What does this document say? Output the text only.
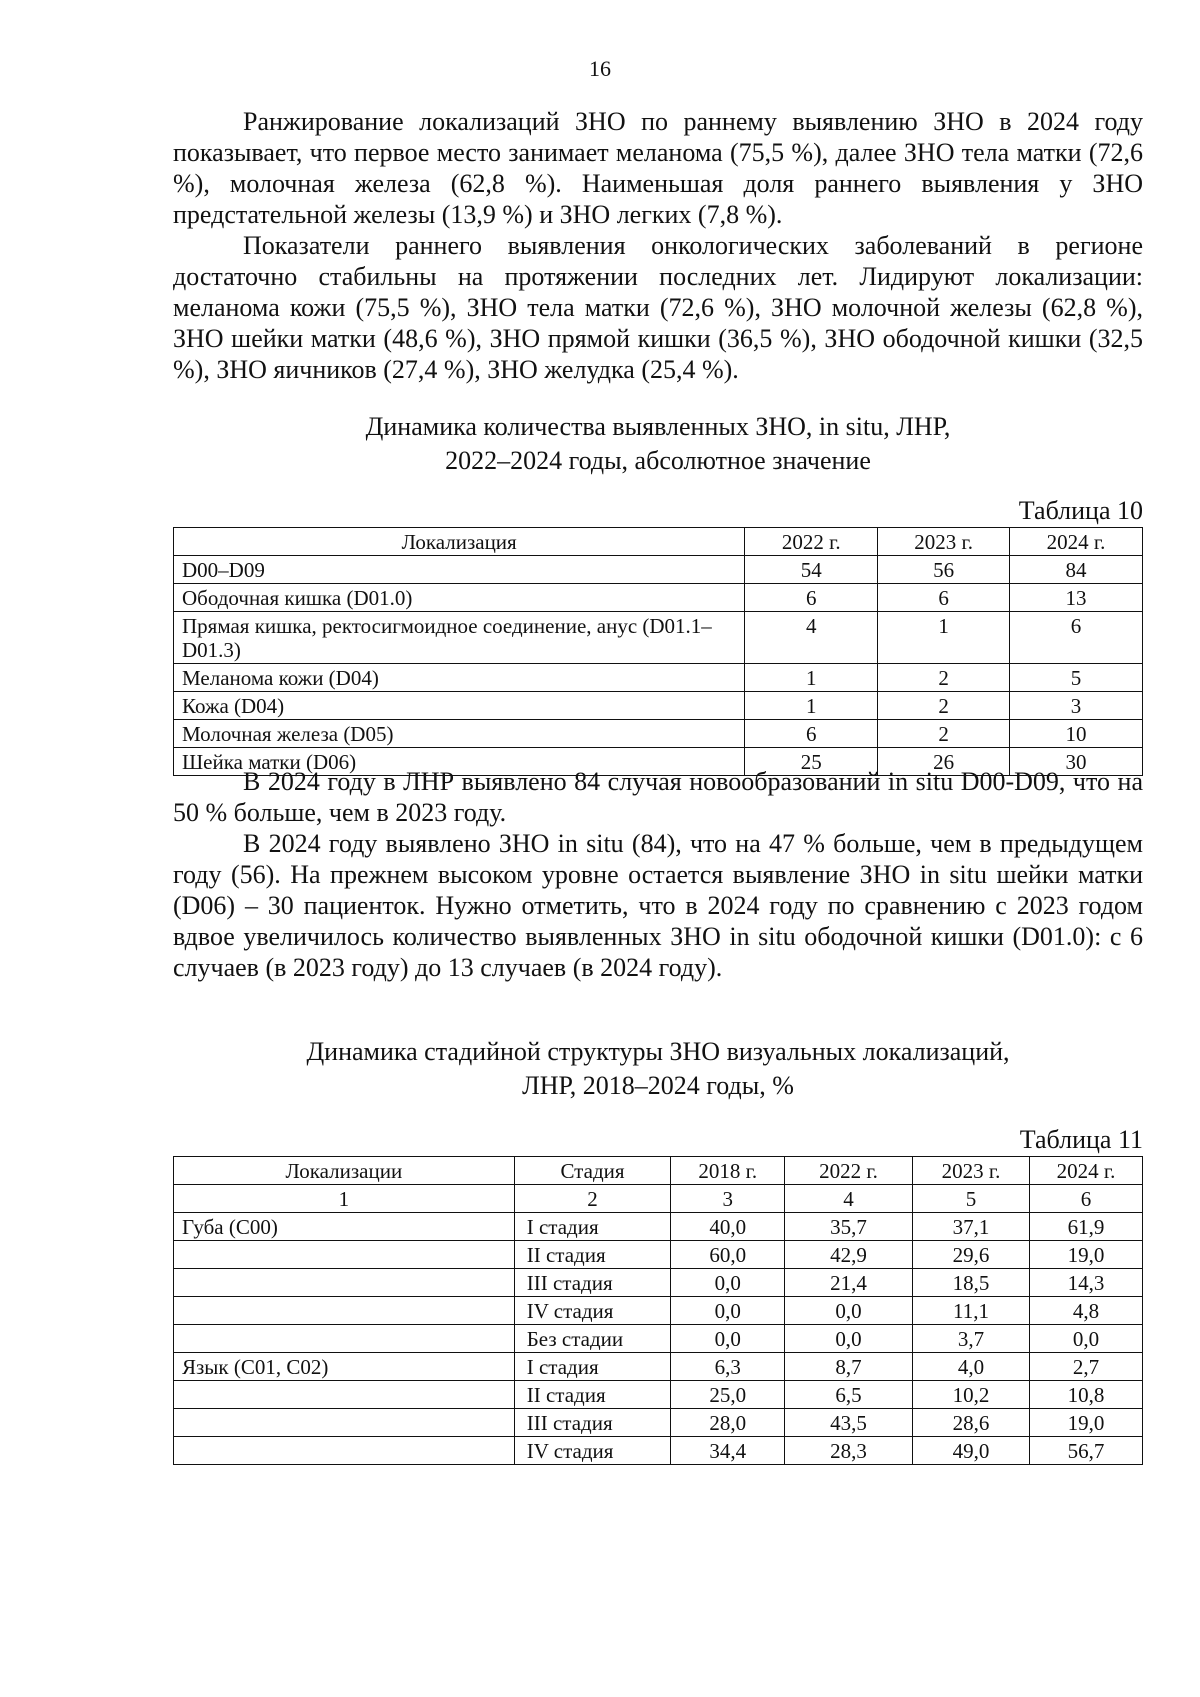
16

Ранжирование локализаций ЗНО по раннему выявлению ЗНО в 2024 году показывает, что первое место занимает меланома (75,5 %), далее ЗНО тела матки (72,6 %), молочная железа (62,8 %). Наименьшая доля раннего выявления у ЗНО предстательной железы (13,9 %) и ЗНО легких (7,8 %).

Показатели раннего выявления онкологических заболеваний в регионе достаточно стабильны на протяжении последних лет. Лидируют локализации: меланома кожи (75,5 %), ЗНО тела матки (72,6 %), ЗНО молочной железы (62,8 %), ЗНО шейки матки (48,6 %), ЗНО прямой кишки (36,5 %), ЗНО ободочной кишки (32,5 %), ЗНО яичников (27,4 %), ЗНО желудка (25,4 %).

Динамика количества выявленных ЗНО, in situ, ЛНР,
2022–2024 годы, абсолютное значение
Таблица 10
Локализация	2022 г.	2023 г.	2024 г.
D00–D09	54	56	84
Ободочная кишка (D01.0)	6	6	13
Прямая кишка, ректосигмоидное соединение, анус (D01.1–D01.3)	4	1	6
Меланома кожи (D04)	1	2	5
Кожа (D04)	1	2	3
Молочная железа (D05)	6	2	10
Шейка матки (D06)	25	26	30

В 2024 году в ЛНР выявлено 84 случая новообразований in situ D00-D09, что на 50 % больше, чем в 2023 году.

В 2024 году выявлено ЗНО in situ (84), что на 47 % больше, чем в предыдущем году (56). На прежнем высоком уровне остается выявление ЗНО in situ шейки матки (D06) – 30 пациенток. Нужно отметить, что в 2024 году по сравнению с 2023 годом вдвое увеличилось количество выявленных ЗНО in situ ободочной кишки (D01.0): с 6 случаев (в 2023 году) до 13 случаев (в 2024 году).

Динамика стадийной структуры ЗНО визуальных локализаций,
ЛНР, 2018–2024 годы, %
Таблица 11
Локализации	Стадия	2018 г.	2022 г.	2023 г.	2024 г.
1	2	3	4	5	6
Губа (C00)	I стадия	40,0	35,7	37,1	61,9
	II стадия	60,0	42,9	29,6	19,0
	III стадия	0,0	21,4	18,5	14,3
	IV стадия	0,0	0,0	11,1	4,8
	Без стадии	0,0	0,0	3,7	0,0
Язык (C01, C02)	I стадия	6,3	8,7	4,0	2,7
	II стадия	25,0	6,5	10,2	10,8
	III стадия	28,0	43,5	28,6	19,0
	IV стадия	34,4	28,3	49,0	56,7
